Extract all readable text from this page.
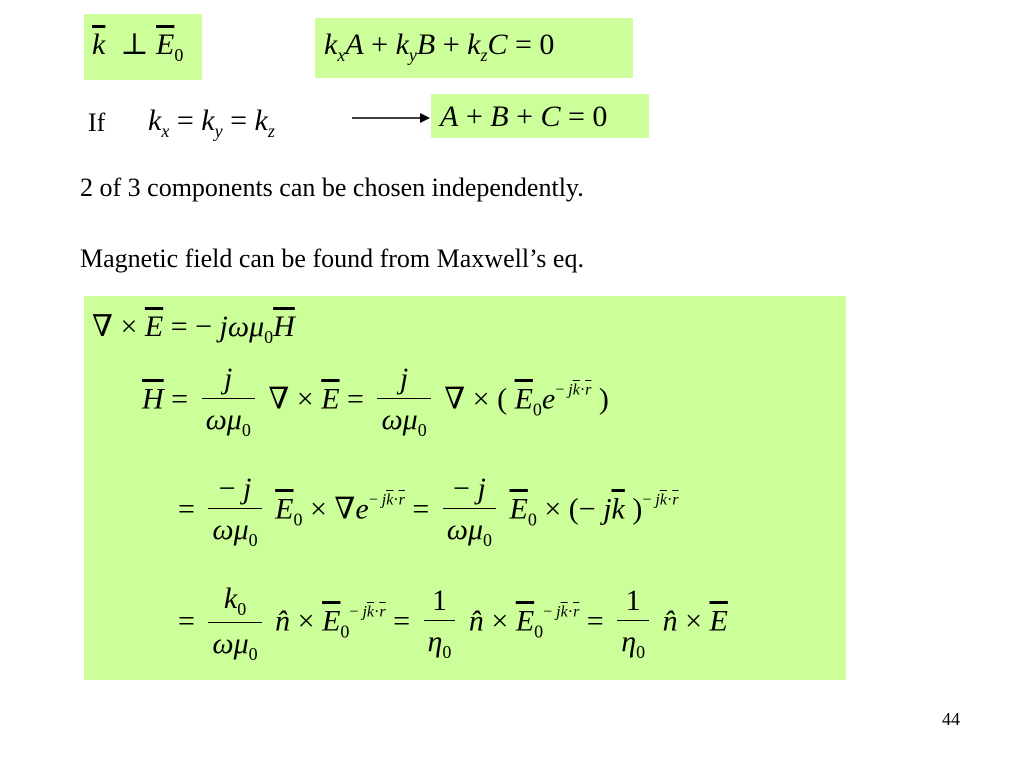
$\overline{k}$  ⊥ $\overline{E}_0$	$k_xA + k_yB + k_zC = 0$
If $k_x = k_y = k_z$	A + B + C = 0
2 of 3 components can be chosen independently.
Magnetic field can be found from Maxwell’s eq.
∇ × $\overline{E}$ = − $j\omega\mu_0\overline{H}$
$\overline{H} = \frac{j}{\omega\mu_0}$ ∇ × $\overline{E} = \frac{j}{\omega\mu_0}$ ∇ × ( $\overline{E}_0e^{- j\overline{k}\cdot\overline{r}}$ )
= $\frac{- j}{\omega\mu_0} \overline{E}_0 \times \nabla e^{- j\overline{k}\cdot\overline{r}} = \frac{- j}{\omega\mu_0} \overline{E}_0$ × (− $j\overline{k}$ )$^{- j\overline{k}\cdot\overline{r}}$
= $\frac{k_0}{\omega\mu_0}$ n̂ × $\overline{E}_0^{- j\overline{k}\cdot\overline{r}} = \frac{1}{\eta_0}$ n̂ × $\overline{E}_0^{- j\overline{k}\cdot\overline{r}} = \frac{1}{\eta_0}$ n̂ × $\overline{E}$
44
